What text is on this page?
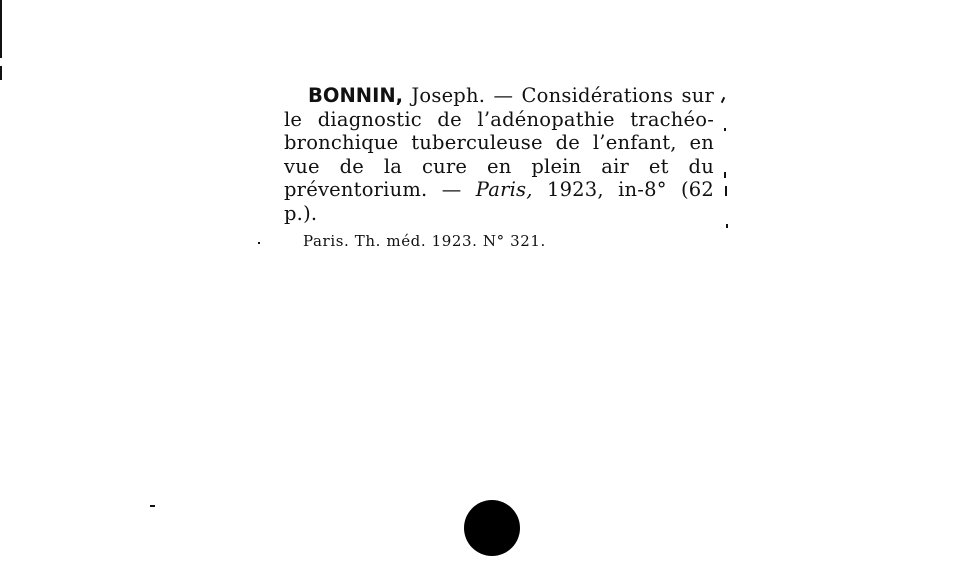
BONNIN, Joseph. — Considérations sur le diagnostic de l’adénopathie trachéo-bronchique tuberculeuse de l’enfant, en vue de la cure en plein air et du préventorium. — Paris, 1923, in-8° (62 p.).
Paris. Th. méd. 1923. N° 321.
